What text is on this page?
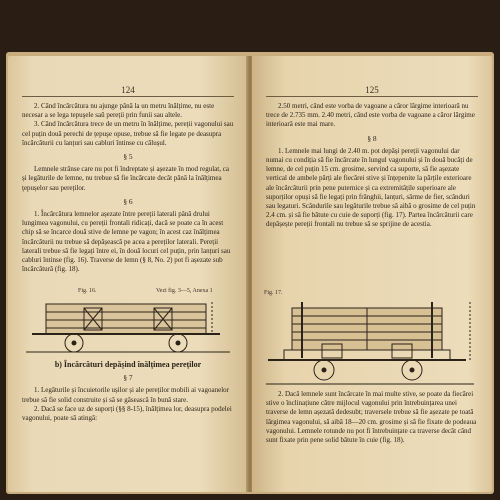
124

2. Când încărcătura nu ajunge până la un metru înălțime, nu este necesar a se lega tepuşele saŭ pereții prin funii sau altele.

3. Când încărcătura trece de un metru în înălțime, pereții vagonului sau cel puțin două perechi de țepuşe opuse, trebue să fie legate pe deasupra încărcăturii cu lanțuri sau cabluri întinse cu călușul.

§ 5

Lemnele strânse care nu pot fi îndreptate și așezate în mod regulat, ca și legăturile de lemne, nu trebue să fie încărcate decât până la înălțimea ţepușelor sau pereților.

§ 6

1. Încărcătura lemnelor așezate între pereții laterali până drului lungimea vagonului, cu pereții frontali ridicați, dacă se poate ca în acest chip să se încarce două stive de lemne pe vagon; în acest caz înălțimea încărcăturii nu trebue să depășească pe acea a pereților laterali. Pereții laterali trebue să fie legați între ei, în două locuri cel puțin, prin lanțuri sau cabluri întinse (fig. 16). Traverse de lemn (§ 8, No. 2) pot fi așezate sub încărcătură (fig. 18).

Fig. 16.	Vezi fig. 3—5, Anexa 1
b) Încărcături depășind înălțimea pereților
§ 7

1. Legăturile și încuietorile ușilor și ale pereților mobili ai vagoanelor trebue să fie solid construite și să se găsească în bună stare.

2. Dacă se face uz de suporți (§§ 8-15), înălțimea lor, deasupra podelei vagonului, poate să atingă:

125

2.50 metri, când este vorba de vagoane a căror lărgime interioară nu trece de 2.735 mm. 2.40 metri, când este vorba de vagoane a căror lărgime interioară este mai mare.

§ 8

1. Lemnele mai lungi de 2.40 m. pot depăși pereții vagonului dar numai cu condiția să fie încărcate în lungul vagonului și în două bucăți de lemne, de cel puțin 15 cm. grosime, servind ca suporte, să fie așezate vertical de ambele părți ale fiecărei stive și înțepenite la părțile exterioare ale încărcăturii prin pene puternice și ca extremitățile superioare ale suporților opuși să fie legați prin frânghii, lanțuri, sârme de fier, scânduri sau legaturi. Scândurile sau legăturile trebue să aibă o grosime de cel puțin 2.4 cm. și să fie bătute cu cuie de suporți (fig. 17). Partea încărcăturii care depășește pereții frontali nu trebue să se sprijine de acestia.

Fig. 17.

2. Dacă lemnele sunt încărcate în mai multe stive, se poate da fiecărei stive o înclinațiune către mijlocul vagonului prin întrebuințarea unei traverse de lemn așezată dedesubt; traversele trebue să fie așezate pe toată lărgimea vagonului, să aibă 18—20 cm. grosime și să fie fixate de podeaua vagonului. Lemnele rotunde nu pot fi întrebuințate ca traverse decât când sunt fixate prin pene solid bătute în cuie (fig. 18).
